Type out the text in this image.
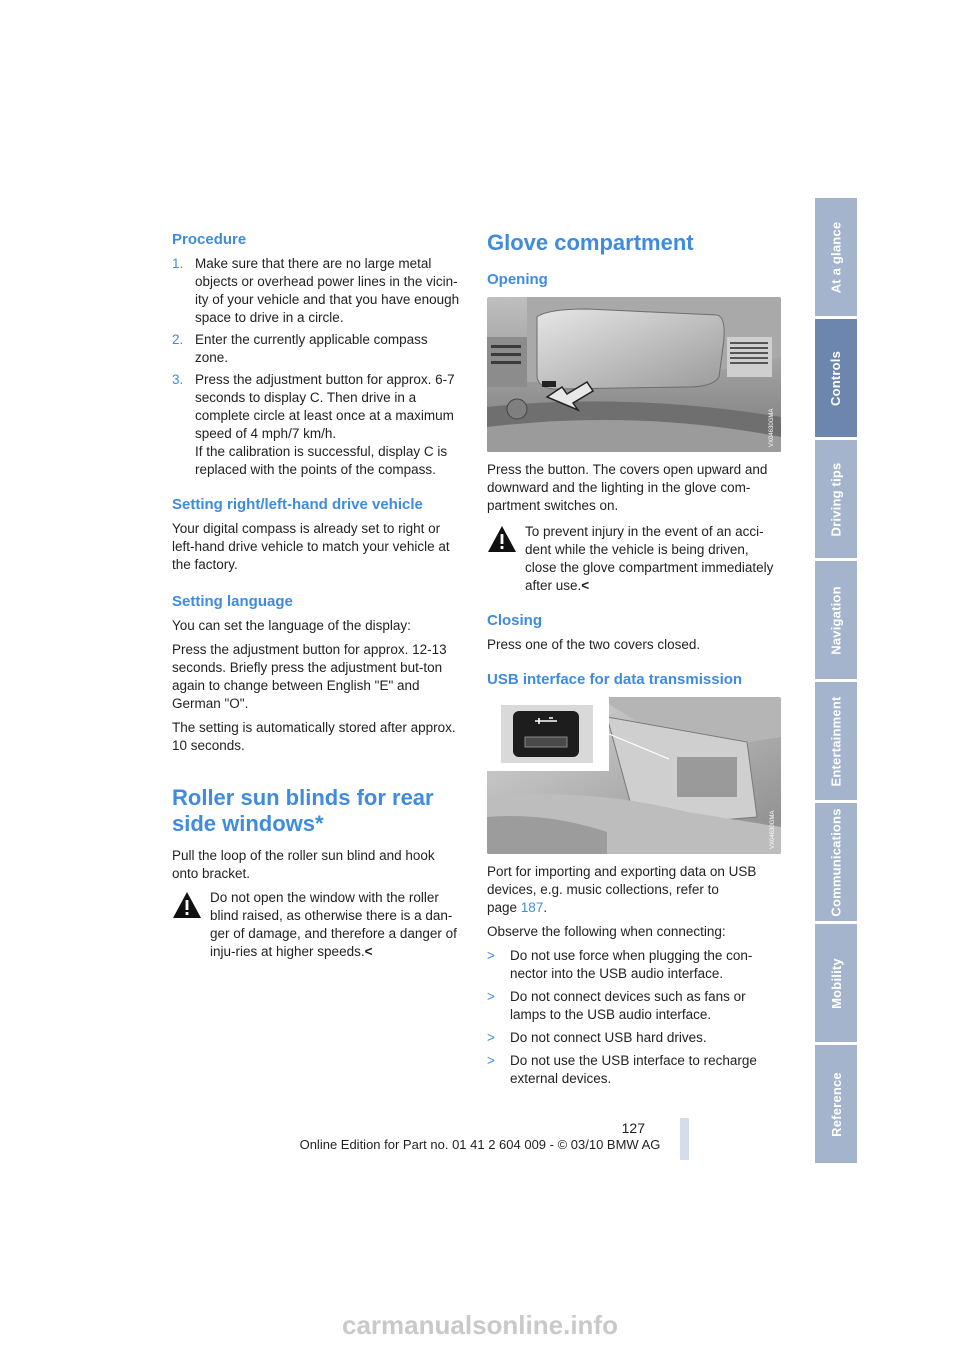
At a glance
Controls
Driving tips
Navigation
Entertainment
Communications
Mobility
Reference
Procedure
1. Make sure that there are no large metal objects or overhead power lines in the vicin-ity of your vehicle and that you have enough space to drive in a circle.
2. Enter the currently applicable compass zone.
3. Press the adjustment button for approx. 6-7 seconds to display C. Then drive in a complete circle at least once at a maximum speed of 4 mph/7 km/h.
If the calibration is successful, display C is replaced with the points of the compass.
Setting right/left-hand drive vehicle

Your digital compass is already set to right or left-hand drive vehicle to match your vehicle at the factory.

Setting language

You can set the language of the display:

Press the adjustment button for approx. 12-13 seconds. Briefly press the adjustment but-ton again to change between English "E" and German "O".

The setting is automatically stored after approx. 10 seconds.

Roller sun blinds for rear side windows*

Pull the loop of the roller sun blind and hook onto bracket.

Do not open the window with the roller blind raised, as otherwise there is a dan-ger of damage, and therefore a danger of inju-ries at higher speeds.<

Glove compartment
Opening
VX04630GMA

Press the button. The covers open upward and downward and the lighting in the glove com-partment switches on.

To prevent injury in the event of an acci-dent while the vehicle is being driven, close the glove compartment immediately after use.<

Closing

Press one of the two covers closed.

USB interface for data transmission
VX04630GMA

Port for importing and exporting data on USB devices, e.g. music collections, refer to page 187.

Observe the following when connecting:

> Do not use force when plugging the con-nector into the USB audio interface.
> Do not connect devices such as fans or lamps to the USB audio interface.
> Do not connect USB hard drives.
> Do not use the USB interface to recharge external devices.
127
Online Edition for Part no. 01 41 2 604 009 - © 03/10 BMW AG
carmanualsonline.info
